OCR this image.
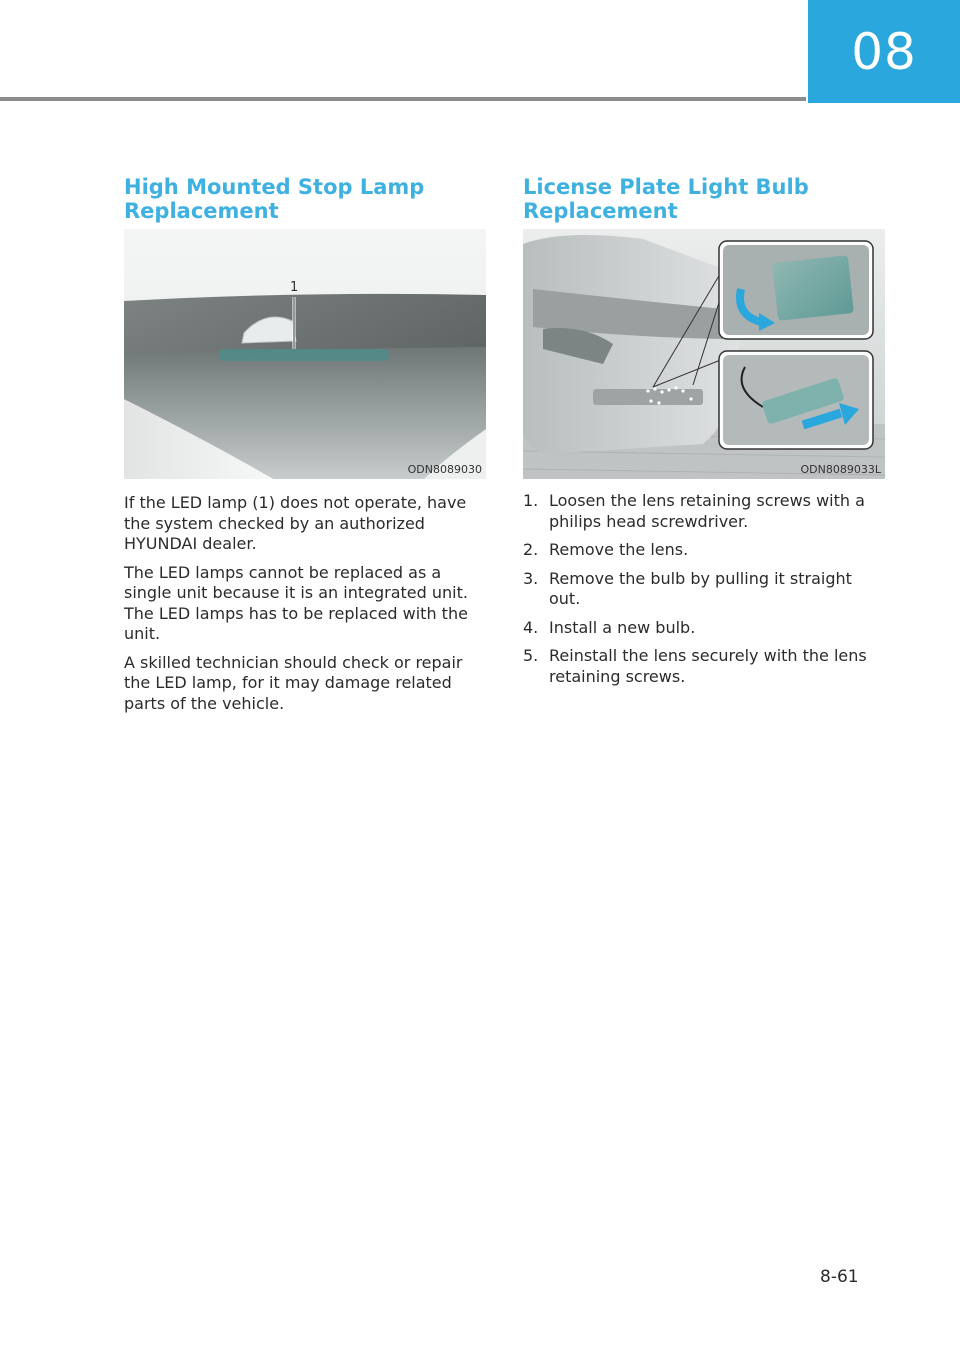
08
High Mounted Stop Lamp
Replacement
1
ODN8089030

If the LED lamp (1) does not operate, have the system checked by an authorized HYUNDAI dealer.

The LED lamps cannot be replaced as a single unit because it is an integrated unit. The LED lamps has to be replaced with the unit.

A skilled technician should check or repair the LED lamp, for it may damage related parts of the vehicle.

License Plate Light Bulb
Replacement
ODN8089033L
1. Loosen the lens retaining screws with a philips head screwdriver.
2. Remove the lens.
3. Remove the bulb by pulling it straight out.
4. Install a new bulb.
5. Reinstall the lens securely with the lens retaining screws.
8-61
